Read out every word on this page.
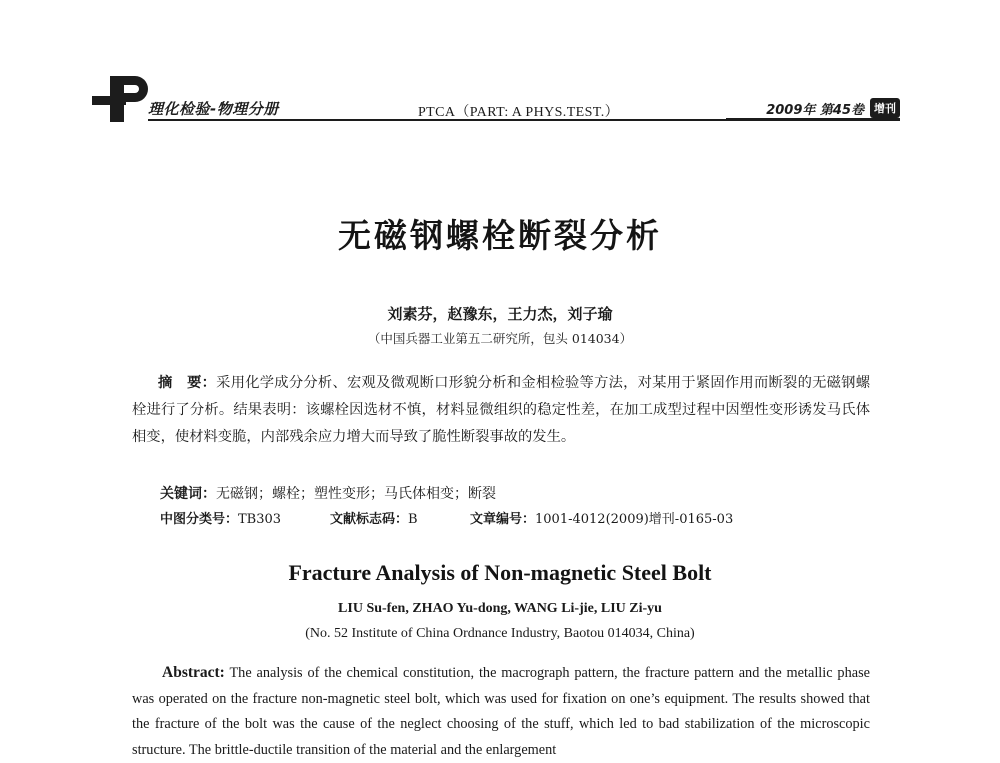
理化检验-物理分册	PTCA（PART: A PHYS.TEST.）	2009年 第45卷 增刊
无磁钢螺栓断裂分析
刘素芬，赵豫东，王力杰，刘子瑜
（中国兵器工业第五二研究所，包头 014034）
摘　要：采用化学成分分析、宏观及微观断口形貌分析和金相检验等方法，对某用于紧固作用而断裂的无磁钢螺栓进行了分析。结果表明：该螺栓因选材不慎，材料显微组织的稳定性差，在加工成型过程中因塑性变形诱发马氏体相变，使材料变脆，内部残余应力增大而导致了脆性断裂事故的发生。
关键词：无磁钢；螺栓；塑性变形；马氏体相变；断裂
中图分类号：TB303	文献标志码：B	文章编号：1001-4012(2009)增刊-0165-03
Fracture Analysis of Non-magnetic Steel Bolt
LIU Su-fen, ZHAO Yu-dong, WANG Li-jie, LIU Zi-yu
(No. 52 Institute of China Ordnance Industry, Baotou 014034, China)
Abstract: The analysis of the chemical constitution, the macrograph pattern, the fracture pattern and the metallic phase was operated on the fracture non-magnetic steel bolt, which was used for fixation on one’s equipment. The results showed that the fracture of the bolt was the cause of the neglect choosing of the stuff, which led to bad stabilization of the microscopic structure. The brittle-ductile transition of the material and the enlargement
